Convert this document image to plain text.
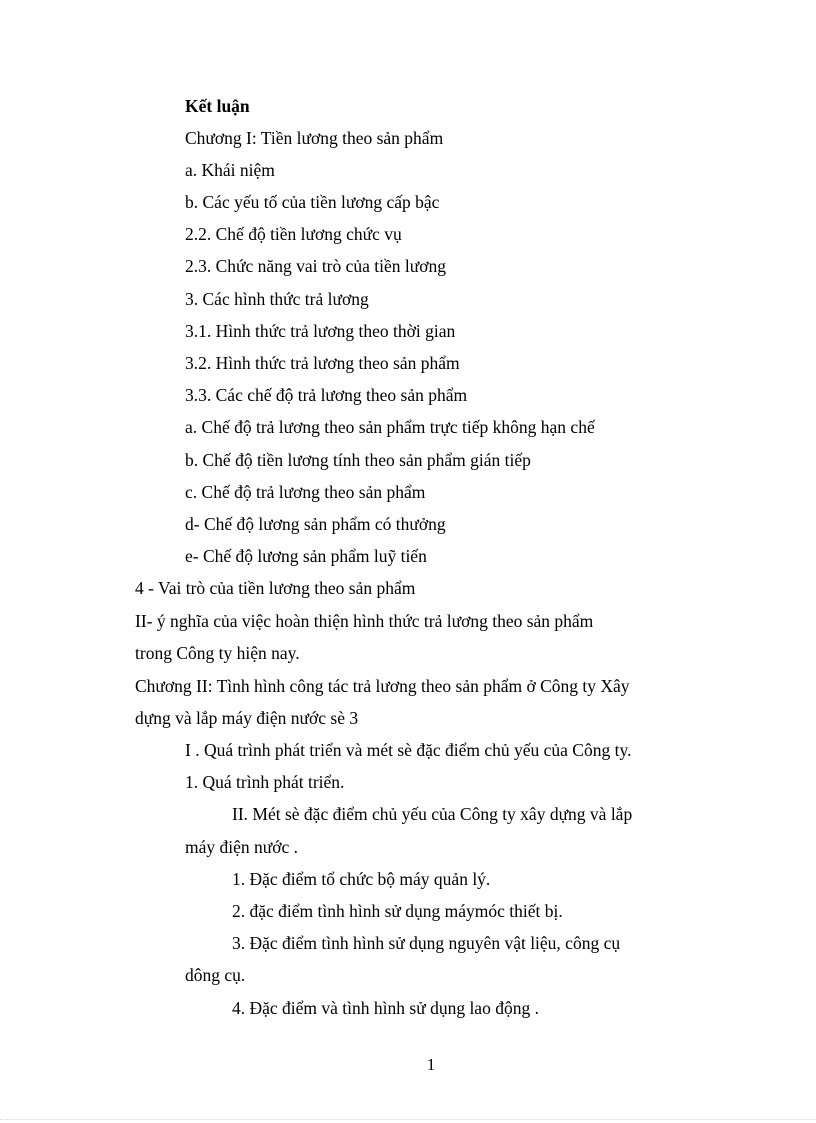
Kết luận
Chương I: Tiền lương theo sản phẩm
a. Khái niệm
b. Các yếu tố của tiền lương cấp bậc
2.2. Chế độ tiền lương chức vụ
2.3. Chức năng vai trò của tiền lương
3. Các hình thức trả lương
3.1. Hình thức trả lương theo thời gian
3.2. Hình thức trả lương theo sản phẩm
3.3. Các chế độ trả lương theo sản phẩm
a. Chế độ trả lương theo sản phẩm trực tiếp không hạn chế
b. Chế độ tiền lương tính theo sản phẩm gián tiếp
c. Chế độ trả lương theo sản phẩm
d- Chế độ lương sản phẩm có thưởng
e- Chế độ lương sản phẩm luỹ tiến
4 - Vai trò của tiền lương theo sản phẩm
II- ý nghĩa của việc hoàn thiện hình thức trả lương theo sản phẩm
trong Công ty hiện nay.
Chương II: Tình hình công tác trả lương theo sản phẩm ở Công ty Xây
dựng và lắp máy điện nước sè 3
I . Quá trình phát triển và mét sè đặc điểm chủ yếu của Công ty.
1. Quá trình phát triển.
II. Mét sè đặc điểm chủ yếu của Công ty xây dựng và lắp
máy điện nước .
1. Đặc điểm tổ chức bộ máy quản lý.
2. đặc điểm tình hình sử dụng máymóc thiết bị.
3. Đặc điểm tình hình sử dụng nguyên vật liệu, công cụ
dông cụ.
4. Đặc điểm và tình hình sử dụng lao động .
1
